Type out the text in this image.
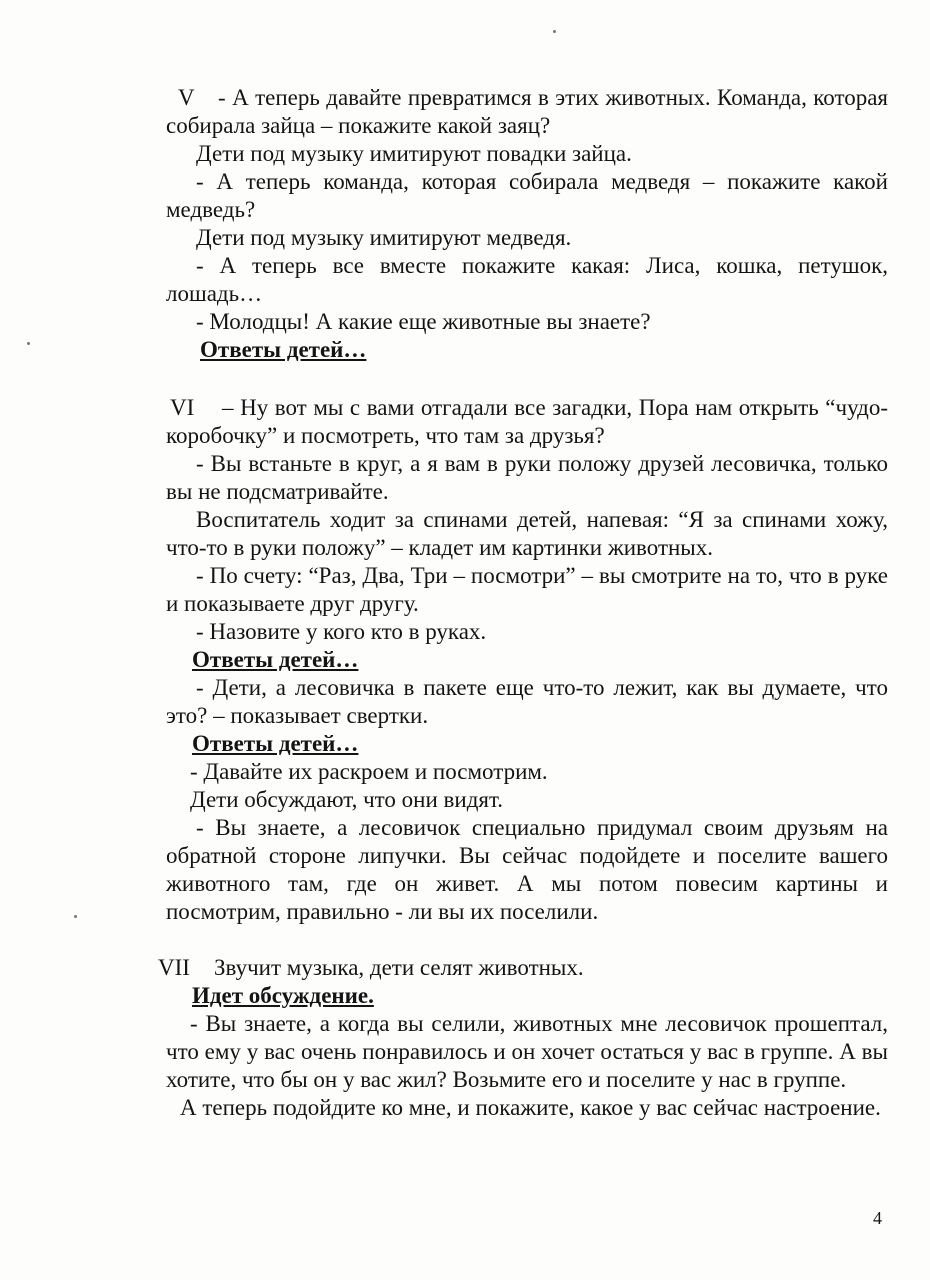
V - А теперь давайте превратимся в этих животных. Команда, которая собирала зайца – покажите какой заяц?

Дети под музыку имитируют повадки зайца.

- А теперь команда, которая собирала медведя – покажите какой медведь?

Дети под музыку имитируют медведя.

- А теперь все вместе покажите какая: Лиса, кошка, петушок, лошадь…

- Молодцы! А какие еще животные вы знаете?

Ответы детей…

VI – Ну вот мы с вами отгадали все загадки, Пора нам открыть “чудо-коробочку” и посмотреть, что там за друзья?

- Вы встаньте в круг, а я вам в руки положу друзей лесовичка, только вы не подсматривайте.

Воспитатель ходит за спинами детей, напевая: “Я за спинами хожу, что-то в руки положу” – кладет им картинки животных.

- По счету: “Раз, Два, Три – посмотри” – вы смотрите на то, что в руке и показываете друг другу.

- Назовите у кого кто в руках.

Ответы детей…

- Дети, а лесовичка в пакете еще что-то лежит, как вы думаете, что это? – показывает свертки.

Ответы детей…

- Давайте их раскроем и посмотрим.

Дети обсуждают, что они видят.

- Вы знаете, а лесовичок специально придумал своим друзьям на обратной стороне липучки. Вы сейчас подойдете и поселите вашего животного там, где он живет. А мы потом повесим картины и посмотрим, правильно - ли вы их поселили.

VII Звучит музыка, дети селят животных.

Идет обсуждение.

- Вы знаете, а когда вы селили, животных мне лесовичок прошептал, что ему у вас очень понравилось и он хочет остаться у вас в группе. А вы хотите, что бы он у вас жил? Возьмите его и поселите у нас в группе.

А теперь подойдите ко мне, и покажите, какое у вас сейчас настроение.

4
